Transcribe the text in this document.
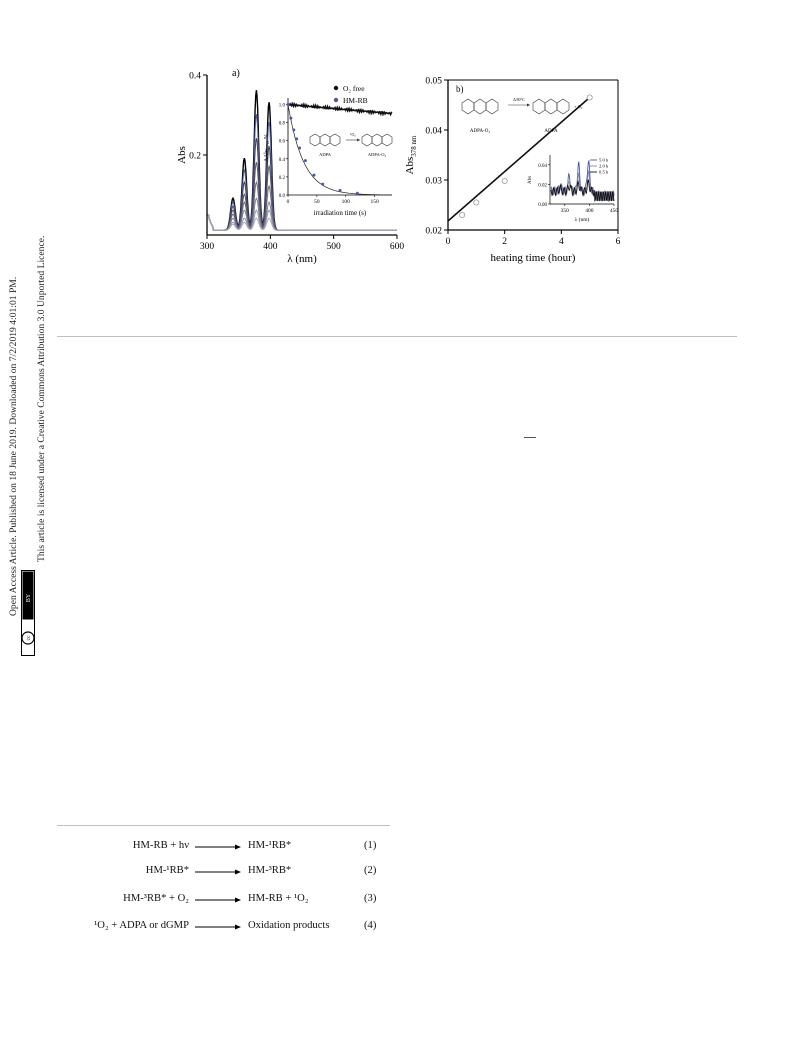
Open Access Article. Published on 18 June 2019. Downloaded on 7/2/2019 4:01:01 PM. This article is licensed under a Creative Commons Attribution 3.0 Unported Licence.
cc
BY
0.2
0.4
300	400	500	600
a)
Abs
λ (nm)
0.0
0.2
0.4
0.6
0.8
1.0
0	50	100	150
ΔAbs₃₇₈, %
irradiation time (s)
¹O₂
ADPA	ADPA-O₂
O₂ free
HM-RB
0.02
0.03
0.04
0.05
0	2	4	6
b)
Abs$_{378 nm}$
heating time (hour)
Δ 80°C
+ O₂
ADPA-O₂	ADPA
0.00
0.02
0.04
350	400	450
Abs
λ (nm)
5.0 h
2.0 h
0.5 h
HM-RB + hν	HM-¹RB*	(1)
HM-¹RB*	HM-³RB*	(2)
HM-³RB* + O₂	HM-RB + ¹O₂	(3)
¹O₂ + ADPA or dGMP	Oxidation products	(4)
